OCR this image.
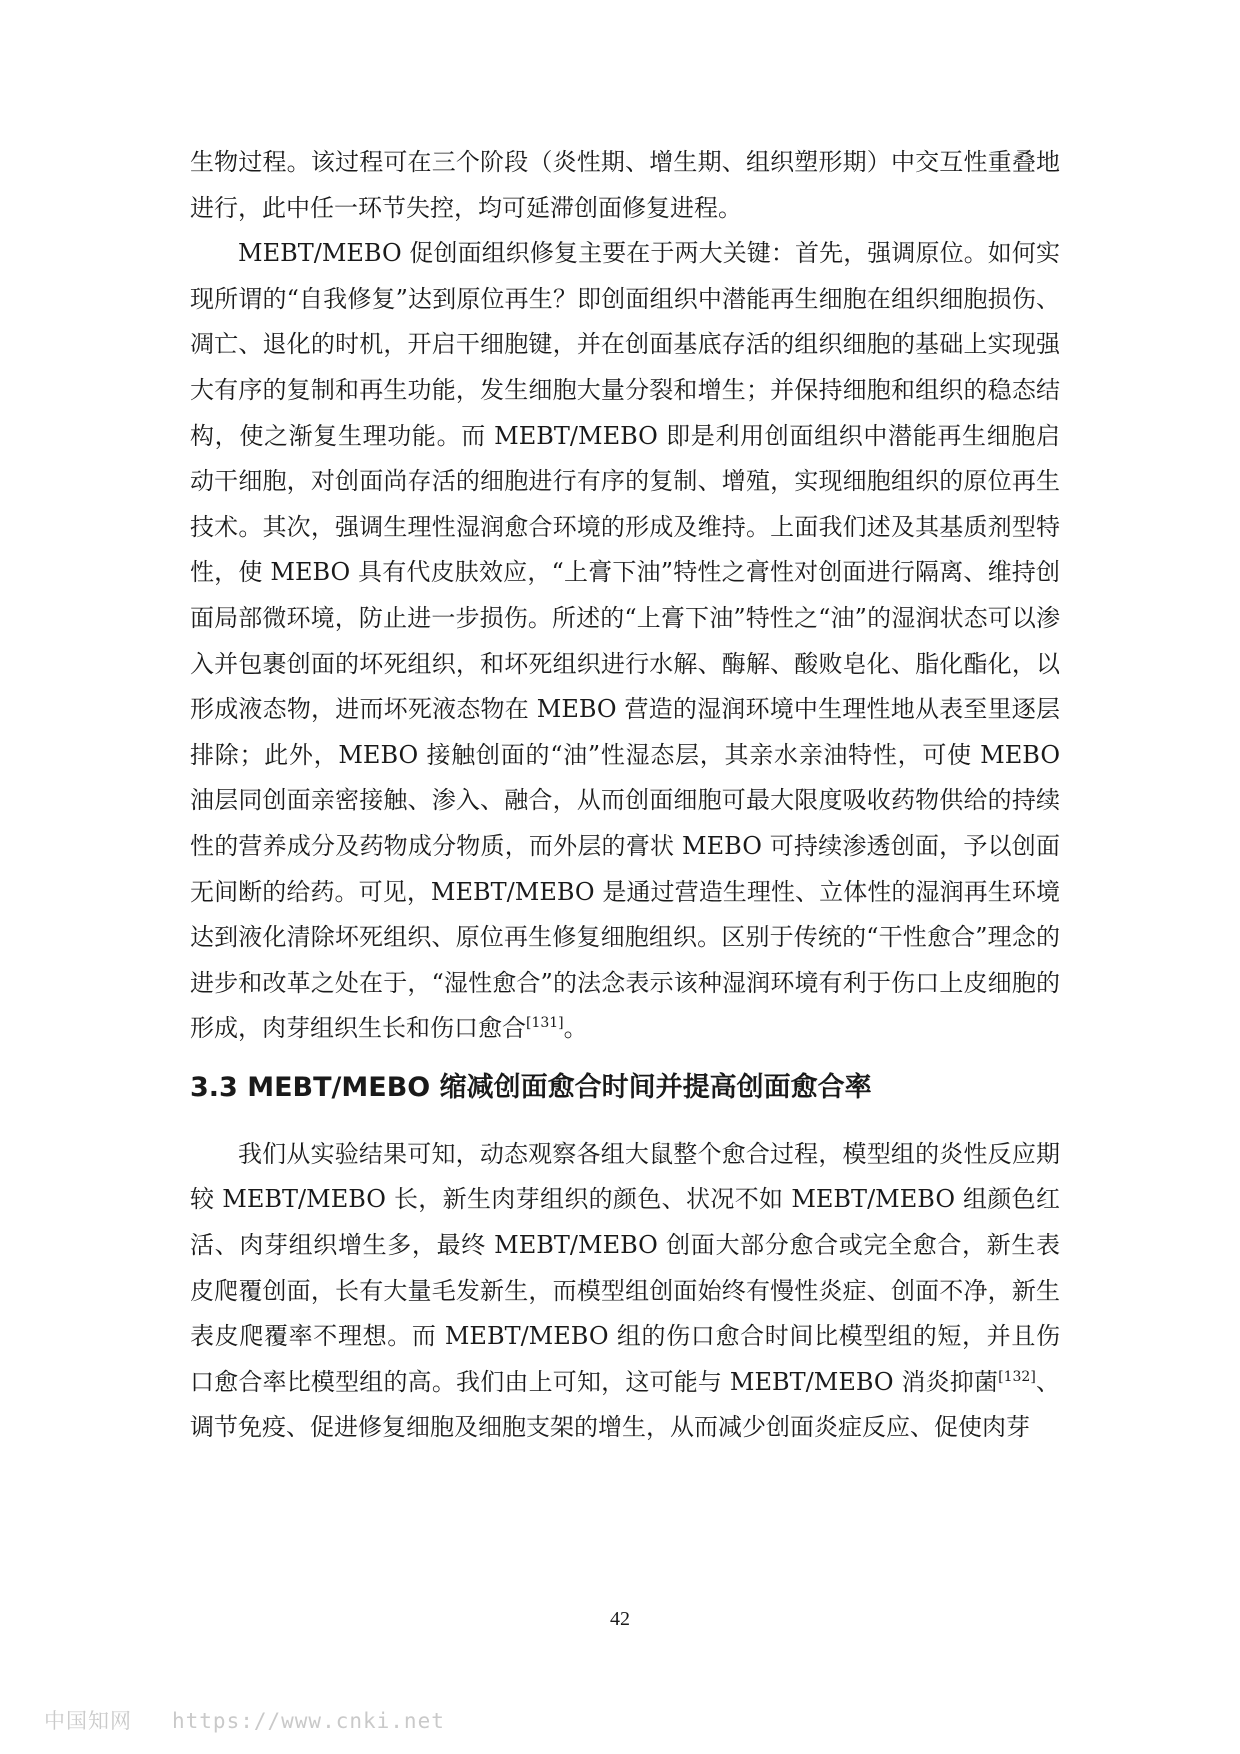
生物过程。该过程可在三个阶段（炎性期、增生期、组织塑形期）中交互性重叠地进行，此中任一环节失控，均可延滞创面修复进程。

MEBT/MEBO 促创面组织修复主要在于两大关键：首先，强调原位。如何实现所谓的“自我修复”达到原位再生？即创面组织中潜能再生细胞在组织细胞损伤、凋亡、退化的时机，开启干细胞键，并在创面基底存活的组织细胞的基础上实现强大有序的复制和再生功能，发生细胞大量分裂和增生；并保持细胞和组织的稳态结构，使之渐复生理功能。而 MEBT/MEBO 即是利用创面组织中潜能再生细胞启动干细胞，对创面尚存活的细胞进行有序的复制、增殖，实现细胞组织的原位再生技术。其次，强调生理性湿润愈合环境的形成及维持。上面我们述及其基质剂型特性，使 MEBO 具有代皮肤效应，“上膏下油”特性之膏性对创面进行隔离、维持创面局部微环境，防止进一步损伤。所述的“上膏下油”特性之“油”的湿润状态可以渗入并包裹创面的坏死组织，和坏死组织进行水解、酶解、酸败皂化、脂化酯化，以形成液态物，进而坏死液态物在 MEBO 营造的湿润环境中生理性地从表至里逐层排除；此外，MEBO 接触创面的“油”性湿态层，其亲水亲油特性，可使 MEBO 油层同创面亲密接触、渗入、融合，从而创面细胞可最大限度吸收药物供给的持续性的营养成分及药物成分物质，而外层的膏状 MEBO 可持续渗透创面，予以创面无间断的给药。可见，MEBT/MEBO 是通过营造生理性、立体性的湿润再生环境达到液化清除坏死组织、原位再生修复细胞组织。区别于传统的“干性愈合”理念的进步和改革之处在于，“湿性愈合”的法念表示该种湿润环境有利于伤口上皮细胞的形成，肉芽组织生长和伤口愈合[131]。

3.3 MEBT/MEBO 缩减创面愈合时间并提高创面愈合率

我们从实验结果可知，动态观察各组大鼠整个愈合过程，模型组的炎性反应期较 MEBT/MEBO 长，新生肉芽组织的颜色、状况不如 MEBT/MEBO 组颜色红活、肉芽组织增生多，最终 MEBT/MEBO 创面大部分愈合或完全愈合，新生表皮爬覆创面，长有大量毛发新生，而模型组创面始终有慢性炎症、创面不净，新生表皮爬覆率不理想。而 MEBT/MEBO 组的伤口愈合时间比模型组的短，并且伤口愈合率比模型组的高。我们由上可知，这可能与 MEBT/MEBO 消炎抑菌[132]、调节免疫、促进修复细胞及细胞支架的增生，从而减少创面炎症反应、促使肉芽

42
中国知网 https://www.cnki.net
